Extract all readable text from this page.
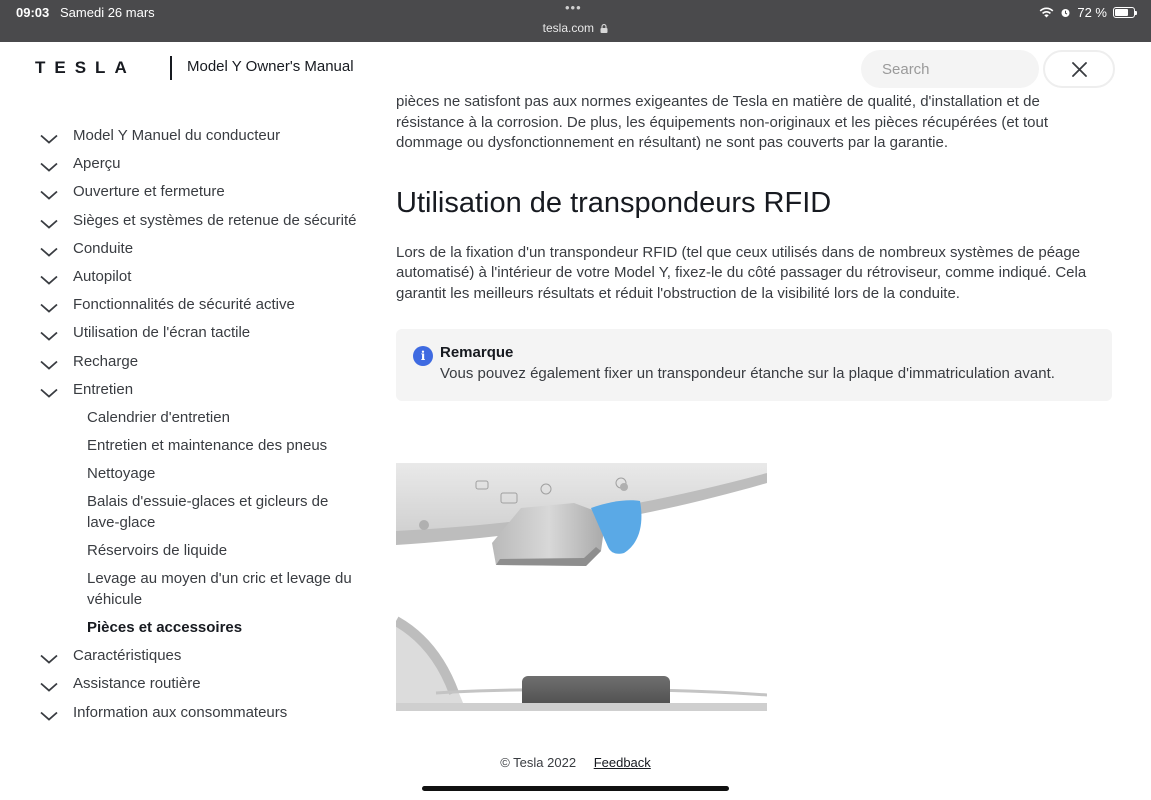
09:03 Samedi 26 mars	•••
tesla.com
72 %
TESLA	Model Y Owner's Manual
Search
Model Y Manuel du conducteur
Aperçu
Ouverture et fermeture
Sièges et systèmes de retenue de sécurité
Conduite
Autopilot
Fonctionnalités de sécurité active
Utilisation de l'écran tactile
Recharge
Entretien
Calendrier d'entretien
Entretien et maintenance des pneus
Nettoyage
Balais d'essuie-glaces et gicleurs de lave-glace
Réservoirs de liquide
Levage au moyen d'un cric et levage du véhicule
Pièces et accessoires
Caractéristiques
Assistance routière
Information aux consommateurs

pièces ne satisfont pas aux normes exigeantes de Tesla en matière de qualité, d'installation et de résistance à la corrosion. De plus, les équipements non-originaux et les pièces récupérées (et tout dommage ou dysfonctionnement en résultant) ne sont pas couverts par la garantie.

Utilisation de transpondeurs RFID

Lors de la fixation d'un transpondeur RFID (tel que ceux utilisés dans de nombreux systèmes de péage automatisé) à l'intérieur de votre Model Y, fixez-le du côté passager du rétroviseur, comme indiqué. Cela garantit les meilleurs résultats et réduit l'obstruction de la visibilité lors de la conduite.

i Remarque
Vous pouvez également fixer un transpondeur étanche sur la plaque d'immatriculation avant.
© Tesla 2022 Feedback
